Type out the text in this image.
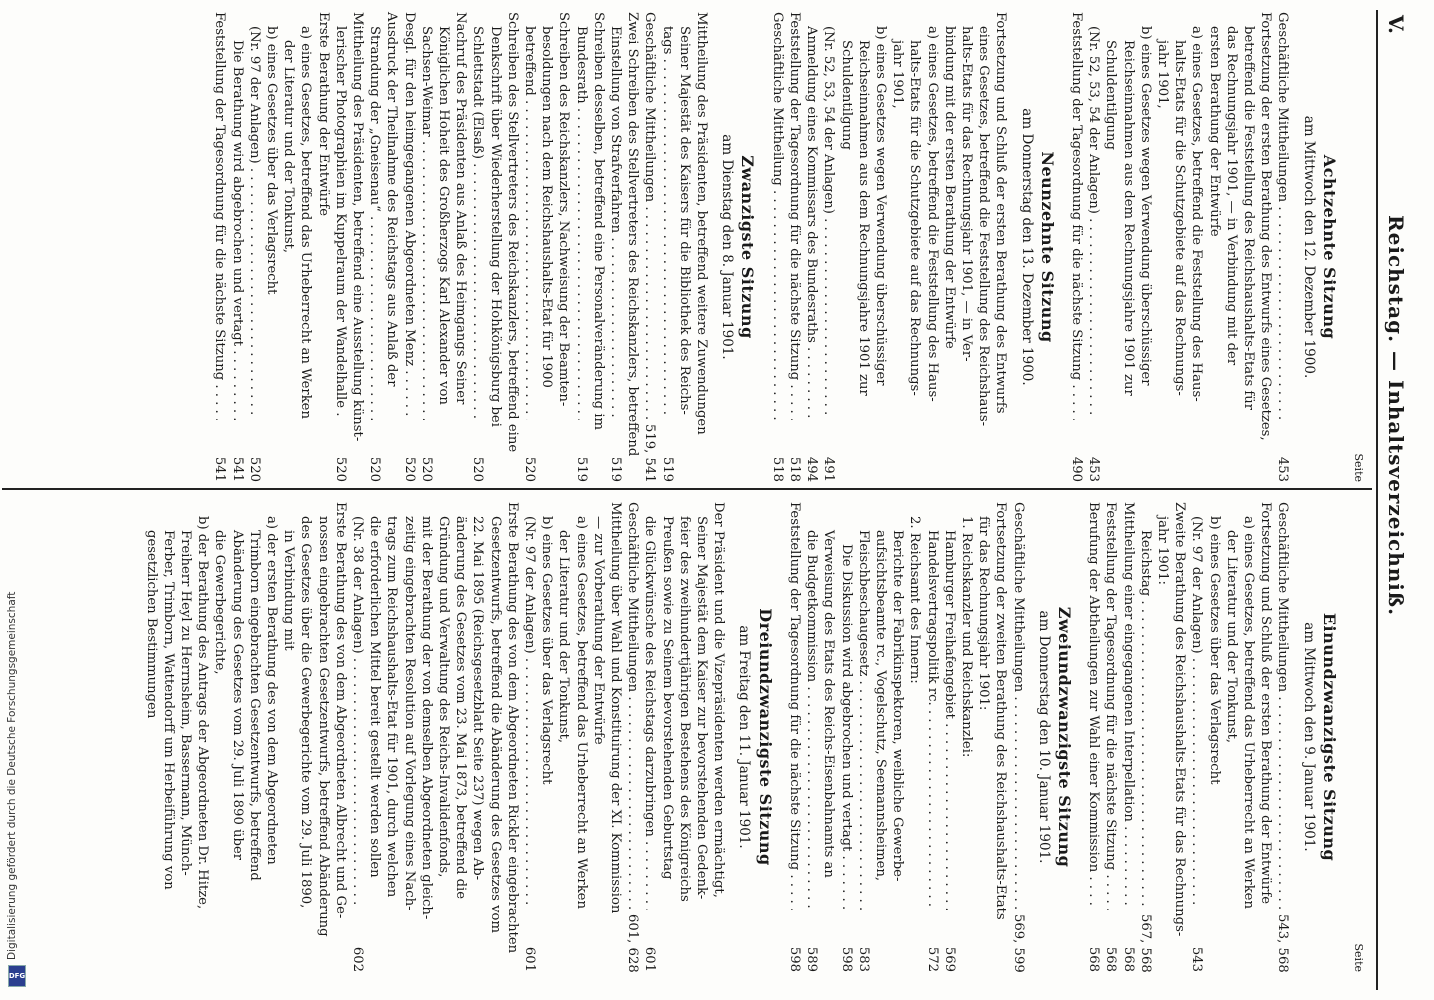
V.
Reichstag. — Inhaltsverzeichniß.
Seite
Einundzwanzigste Sitzung
am Mittwoch den 9. Januar 1901.
Geschäftliche Mittheilungen . . .
543, 568
Fortsetzung und Schluß der ersten Berathung der Entwürfe
a) eines Gesetzes, betreffend das Urheberrecht an Werken
der Literatur und der Tonkunst,
b) eines Gesetzes über das Verlagsrecht
(Nr. 97 der Anlagen) . . .
543
Zweite Berathung des Reichshaushalts-Etats für das Rechnungs-
jahr 1901:
Reichstag . . .
567, 568
Mittheilung einer eingegangenen Interpellation . . .
568
Feststellung der Tagesordnung für die nächste Sitzung . . .
568
Berufung der Abtheilungen zur Wahl einer Kommission . . .
568
Zweiundzwanzigste Sitzung
am Donnerstag den 10. Januar 1901.
Geschäftliche Mittheilungen . . .
569, 599
Fortsetzung der zweiten Berathung des Reichshaushalts-Etats
für das Rechnungsjahr 1901:
1. Reichskanzler und Reichskanzlei:
Hamburger Freihafengebiet . . .
569
Handelsvertragspolitik rc. . . .
572
2. Reichsamt des Innern:
Berichte der Fabrikinspektoren, weibliche Gewerbe-
aufsichtsbeamte rc., Vogelschutz, Seemannsheimen,
Fleischbeschaugesetz . . .
583
Die Diskussion wird abgebrochen und vertagt . . .
598
Verweisung des Etats des Reichs-Eisenbahnamts an
die Budgetkommission . . .
589
Feststellung der Tagesordnung für die nächste Sitzung . . .
598
Dreiundzwanzigste Sitzung
am Freitag den 11. Januar 1901.
Der Präsident und die Vizepräsidenten werden ermächtigt,
Seiner Majestät dem Kaiser zur bevorstehenden Gedenk-
feier des zweihundertjährigen Bestehens des Königreichs
Preußen sowie zu Seinem bevorstehenden Geburtstag
die Glückwünsche des Reichstags darzubringen . . .
601
Geschäftliche Mittheilungen . . .
601, 628
Mittheilung über Wahl und Konstituirung der XI. Kommission
— zur Vorberathung der Entwürfe
a) eines Gesetzes, betreffend das Urheberrecht an Werken
der Literatur und der Tonkunst,
b) eines Gesetzes über das Verlagsrecht
(Nr. 97 der Anlagen) . . .
601
Erste Berathung des von dem Abgeordneten Rickler eingebrachten
Gesetzentwurfs, betreffend die Abänderung des Gesetzes vom
22. Mai 1895 (Reichsgesetzblatt Seite 237) wegen Ab-
änderung des Gesetzes vom 23. Mai 1873, betreffend die
Gründung und Verwaltung des Reichs-Invalidenfonds,
mit der Berathung der von demselben Abgeordneten gleich-
zeitig eingebrachten Resolution auf Vorlegung eines Nach-
trags zum Reichshaushalts-Etat für 1901, durch welchen
die erforderlichen Mittel bereit gestellt werden sollen
(Nr. 38 der Anlagen) . . .
602
Erste Berathung des von dem Abgeordneten Albrecht und Ge-
nossen eingebrachten Gesetzentwurfs, betreffend Abänderung
des Gesetzes über die Gewerbegerichte vom 29. Juli 1890,
in Verbindung mit
a) der ersten Berathung des von dem Abgeordneten
Trimborn eingebrachten Gesetzentwurfs, betreffend
Abänderung des Gesetzes vom 29. Juli 1890 über
die Gewerbegerichte,
b) der Berathung des Antrags der Abgeordneten Dr. Hitze,
Freiherr Heyl zu Herrnsheim, Bassermann, Münch-
Ferber, Trimborn, Wattendorff um Herbeiführung von
gesetzlichen Bestimmungen
Seite
Achtzehnte Sitzung
am Mittwoch den 12. Dezember 1900.
Geschäftliche Mittheilungen . . .
453
Fortsetzung der ersten Berathung des Entwurfs eines Gesetzes,
betreffend die Feststellung des Reichshaushalts-Etats für
das Rechnungsjahr 1901, — in Verbindung mit der
ersten Berathung der Entwürfe
a) eines Gesetzes, betreffend die Feststellung des Haus-
halts-Etats für die Schutzgebiete auf das Rechnungs-
jahr 1901,
b) eines Gesetzes wegen Verwendung überschüssiger
Reichseinnahmen aus dem Rechnungsjahre 1901 zur
Schuldentilgung
(Nr. 52, 53, 54 der Anlagen) . . .
453
Feststellung der Tagesordnung für die nächste Sitzung . . .
490
Neunzehnte Sitzung
am Donnerstag den 13. Dezember 1900.
Fortsetzung und Schluß der ersten Berathung des Entwurfs
eines Gesetzes, betreffend die Feststellung des Reichshaus-
halts-Etats für das Rechnungsjahr 1901, — in Ver-
bindung mit der ersten Berathung der Entwürfe
a) eines Gesetzes, betreffend die Feststellung des Haus-
halts-Etats für die Schutzgebiete auf das Rechnungs-
jahr 1901,
b) eines Gesetzes wegen Verwendung überschüssiger
Reichseinnahmen aus dem Rechnungsjahre 1901 zur
Schuldentilgung
(Nr. 52, 53, 54 der Anlagen) . . .
491
Anmeldung eines Kommissars des Bundesraths . . .
494
Feststellung der Tagesordnung für die nächste Sitzung . . .
518
Geschäftliche Mittheilung . . .
518
Zwanzigste Sitzung
am Dienstag den 8. Januar 1901.
Mittheilung des Präsidenten, betreffend weitere Zuwendungen
Seiner Majestät des Kaisers für die Bibliothek des Reichs-
tags . . .
519
Geschäftliche Mittheilungen . . .
519, 541
Zwei Schreiben des Stellvertreters des Reichskanzlers, betreffend
Einstellung von Strafverfahren . . .
519
Schreiben desselben, betreffend eine Personalveränderung im
Bundesrath . . .
519
Schreiben des Reichskanzlers, Nachweisung der Beamten-
besoldungen nach dem Reichshaushalts-Etat für 1900
betreffend . . .
520
Schreiben des Stellvertreters des Reichskanzlers, betreffend eine
Denkschrift über Wiederherstellung der Hohkönigsburg bei
Schlettstadt (Elsaß) . . .
520
Nachruf des Präsidenten aus Anlaß des Heimgangs Seiner
Königlichen Hoheit des Großherzogs Karl Alexander von
Sachsen-Weimar . . .
520
Desgl. für den heimgegangenen Abgeordneten Menz . . .
520
Ausdruck der Theilnahme des Reichstags aus Anlaß der
Strandung der „Gneisenau“ . . .
520
Mittheilung des Präsidenten, betreffend eine Ausstellung künst-
lerischer Photographien im Kuppelraum der Wandelhalle . . .
520
Erste Berathung der Entwürfe
a) eines Gesetzes, betreffend das Urheberrecht an Werken
der Literatur und der Tonkunst,
b) eines Gesetzes über das Verlagsrecht
(Nr. 97 der Anlagen) . . .
520
Die Berathung wird abgebrochen und vertagt . . .
541
Feststellung der Tagesordnung für die nächste Sitzung . . .
541
DFG
Digitalisierung gefördert durch die Deutsche Forschungsgemeinschaft
